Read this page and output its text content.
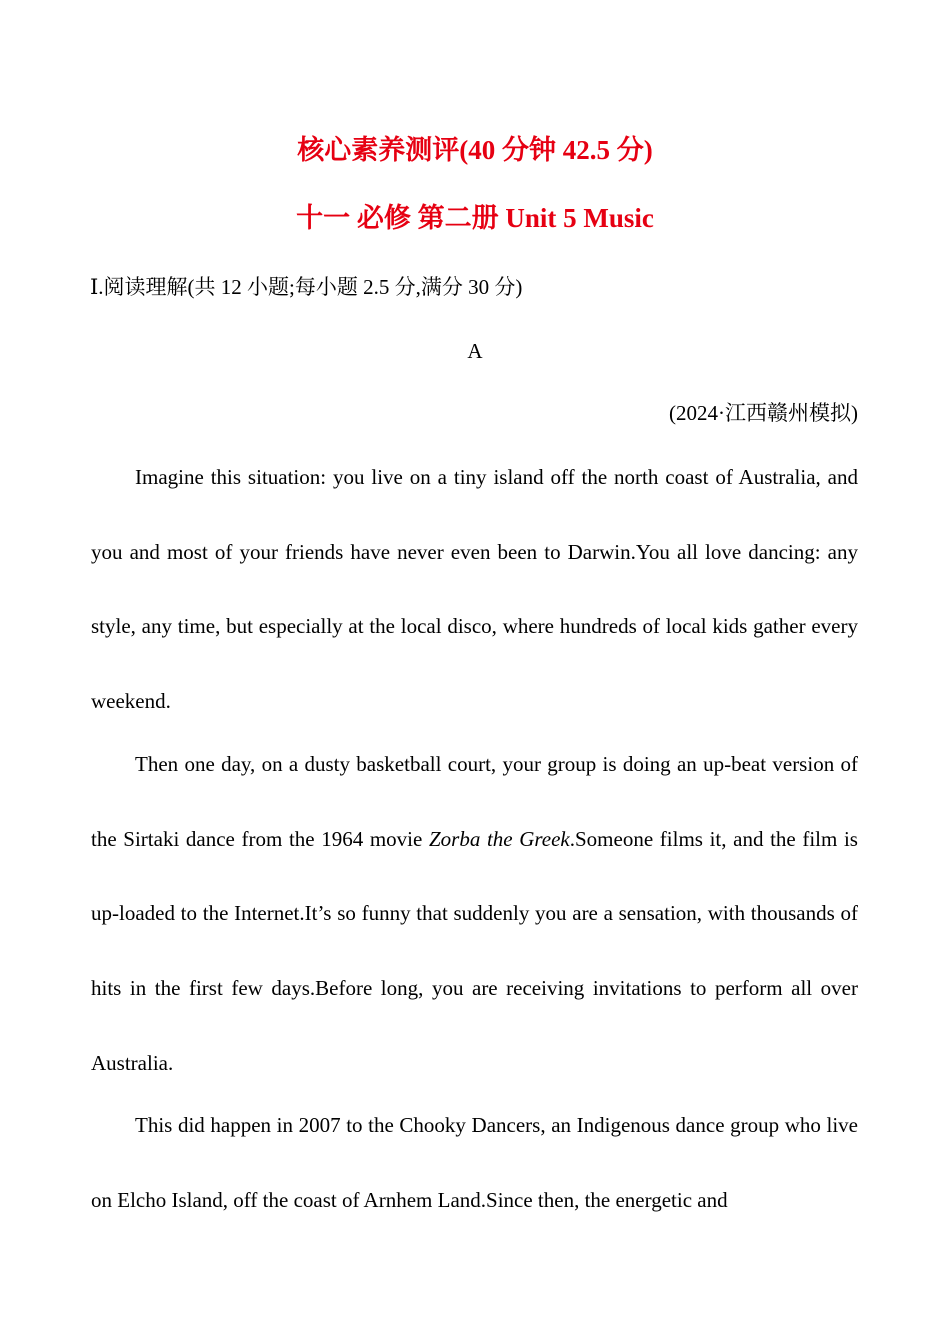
核心素养测评(40 分钟 42.5 分)
十一 必修 第二册 Unit 5 Music

Ⅰ.阅读理解(共 12 小题;每小题 2.5 分,满分 30 分)

A

(2024·江西赣州模拟)

Imagine this situation: you live on a tiny island off the north coast of Australia, and you and most of your friends have never even been to Darwin.You all love dancing: any style, any time, but especially at the local disco, where hundreds of local kids gather every weekend.

Then one day, on a dusty basketball court, your group is doing an up-beat version of the Sirtaki dance from the 1964 movie Zorba the Greek.Someone films it, and the film is up-loaded to the Internet.It’s so funny that suddenly you are a sensation, with thousands of hits in the first few days.Before long, you are receiving invitations to perform all over Australia.

This did happen in 2007 to the Chooky Dancers, an Indigenous dance group who live on Elcho Island, off the coast of Arnhem Land.Since then, the energetic and
